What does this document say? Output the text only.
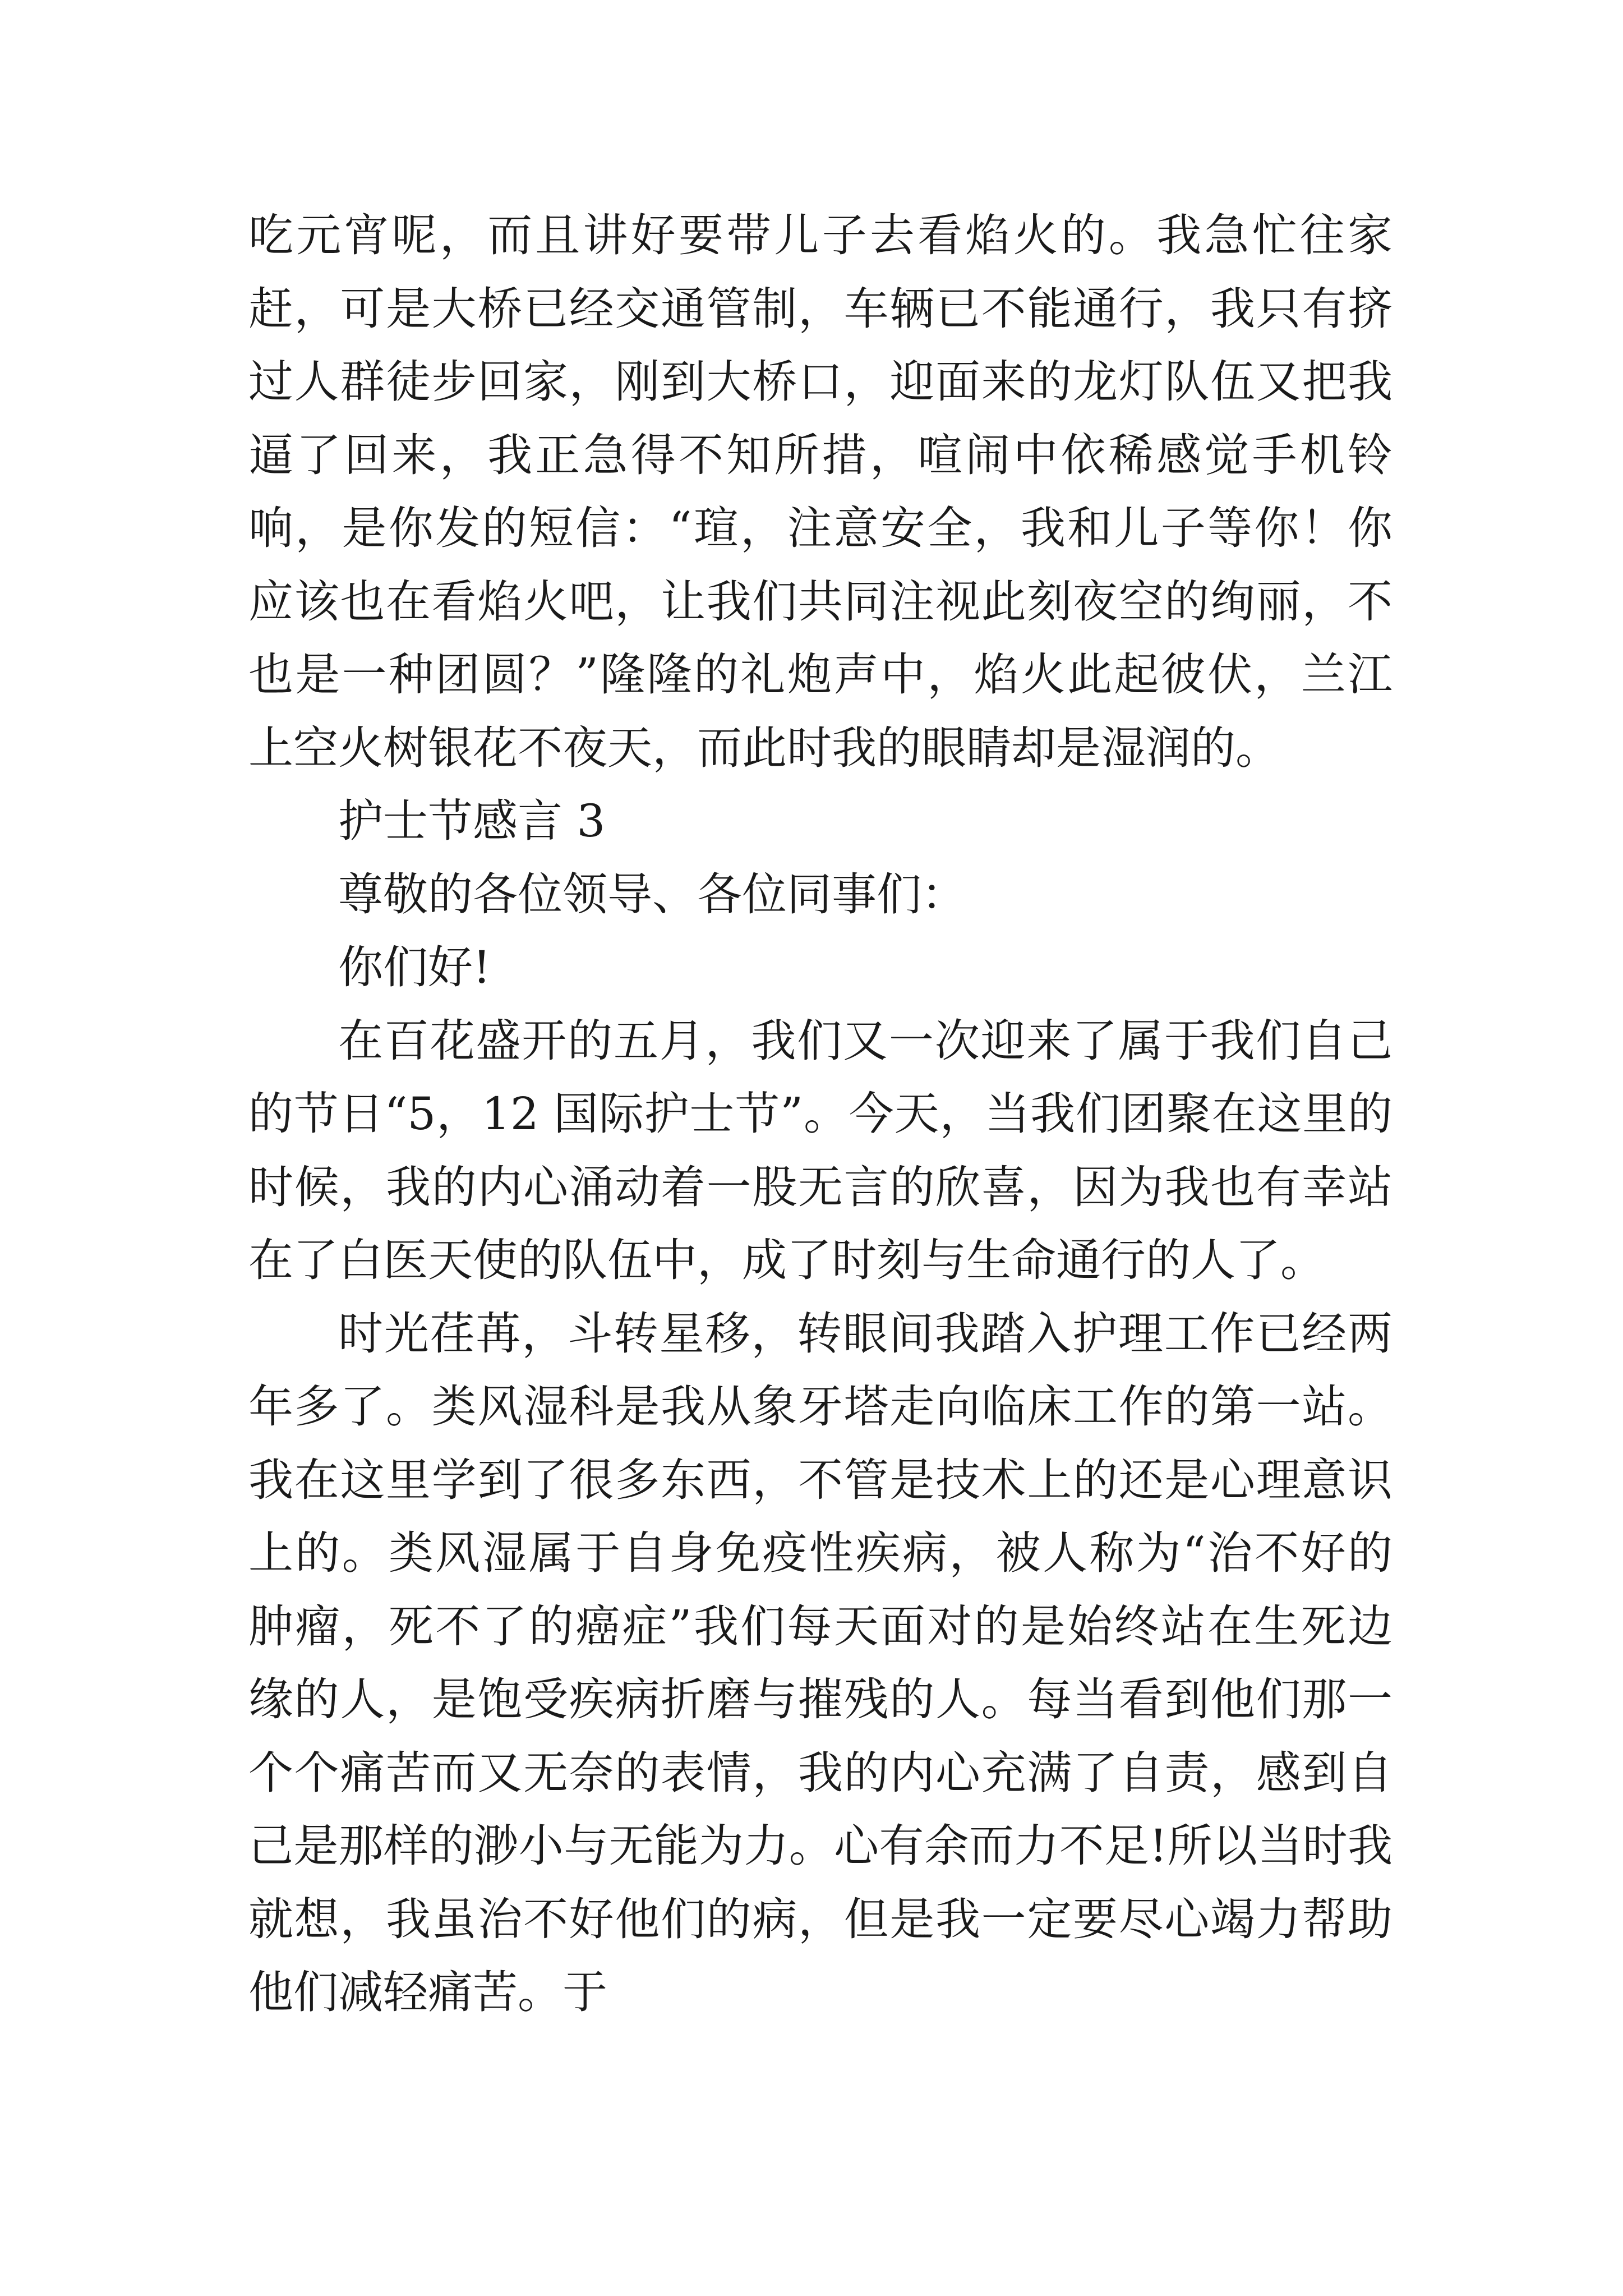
吃元宵呢，而且讲好要带儿子去看焰火的。我急忙往家赶，可是大桥已经交通管制，车辆已不能通行，我只有挤过人群徒步回家，刚到大桥口，迎面来的龙灯队伍又把我逼了回来，我正急得不知所措，喧闹中依稀感觉手机铃响，是你发的短信：“瑄，注意安全，我和儿子等你！你应该也在看焰火吧，让我们共同注视此刻夜空的绚丽，不也是一种团圆？”隆隆的礼炮声中，焰火此起彼伏，兰江上空火树银花不夜天，而此时我的眼睛却是湿润的。

护士节感言 3

尊敬的各位领导、各位同事们：

你们好!

在百花盛开的五月，我们又一次迎来了属于我们自己的节日“5，12 国际护士节”。今天，当我们团聚在这里的时候，我的内心涌动着一股无言的欣喜，因为我也有幸站在了白医天使的队伍中，成了时刻与生命通行的人了。

时光荏苒，斗转星移，转眼间我踏入护理工作已经两年多了。类风湿科是我从象牙塔走向临床工作的第一站。我在这里学到了很多东西，不管是技术上的还是心理意识上的。类风湿属于自身免疫性疾病，被人称为“治不好的肿瘤，死不了的癌症”我们每天面对的是始终站在生死边缘的人，是饱受疾病折磨与摧残的人。每当看到他们那一个个痛苦而又无奈的表情，我的内心充满了自责，感到自己是那样的渺小与无能为力。心有余而力不足!所以当时我就想，我虽治不好他们的病，但是我一定要尽心竭力帮助他们减轻痛苦。于
